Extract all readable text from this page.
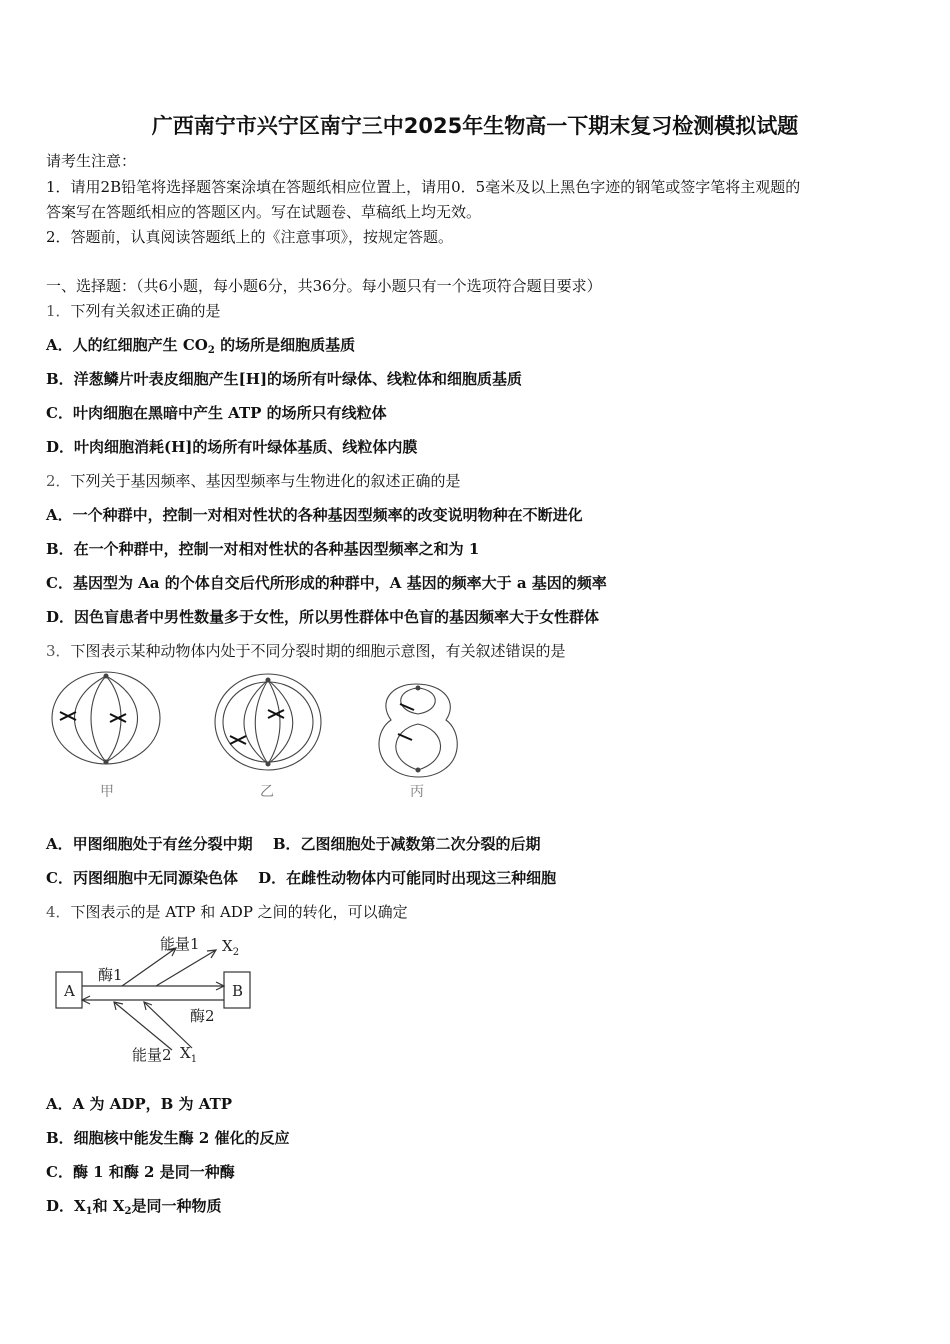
广西南宁市兴宁区南宁三中2025年生物高一下期末复习检测模拟试题
请考生注意：
1．请用2B铅笔将选择题答案涂填在答题纸相应位置上，请用0．5毫米及以上黑色字迹的钢笔或签字笔将主观题的
答案写在答题纸相应的答题区内。写在试题卷、草稿纸上均无效。
2．答题前，认真阅读答题纸上的《注意事项》，按规定答题。
一、选择题：（共6小题，每小题6分，共36分。每小题只有一个选项符合题目要求）
1．下列有关叙述正确的是
A．人的红细胞产生 $CO_2$ 的场所是细胞质基质
B．洋葱鳞片叶表皮细胞产生[H]的场所有叶绿体、线粒体和细胞质基质
C．叶肉细胞在黑暗中产生 ATP 的场所只有线粒体
D．叶肉细胞消耗(H]的场所有叶绿体基质、线粒体内膜
2．下列关于基因频率、基因型频率与生物进化的叙述正确的是
A．一个种群中，控制一对相对性状的各种基因型频率的改变说明物种在不断进化
B．在一个种群中，控制一对相对性状的各种基因型频率之和为 1
C．基因型为 Aa 的个体自交后代所形成的种群中，A 基因的频率大于 a 基因的频率
D．因色盲患者中男性数量多于女性，所以男性群体中色盲的基因频率大于女性群体
3．下图表示某种动物体内处于不同分裂时期的细胞示意图，有关叙述错误的是
甲	乙	丙
A．甲图细胞处于有丝分裂中期　 B．乙图细胞处于减数第二次分裂的后期
C．丙图细胞中无同源染色体　 D．在雌性动物体内可能同时出现这三种细胞
4．下图表示的是 ATP 和 ADP 之间的转化，可以确定
A	B
能量1 $X_2$
酶1
酶2
能量2 $X_1$
A．A 为 ADP，B 为 ATP
B．细胞核中能发生酶 2 催化的反应
C．酶 1 和酶 2 是同一种酶
D．$X_1$和 $X_2$是同一种物质
